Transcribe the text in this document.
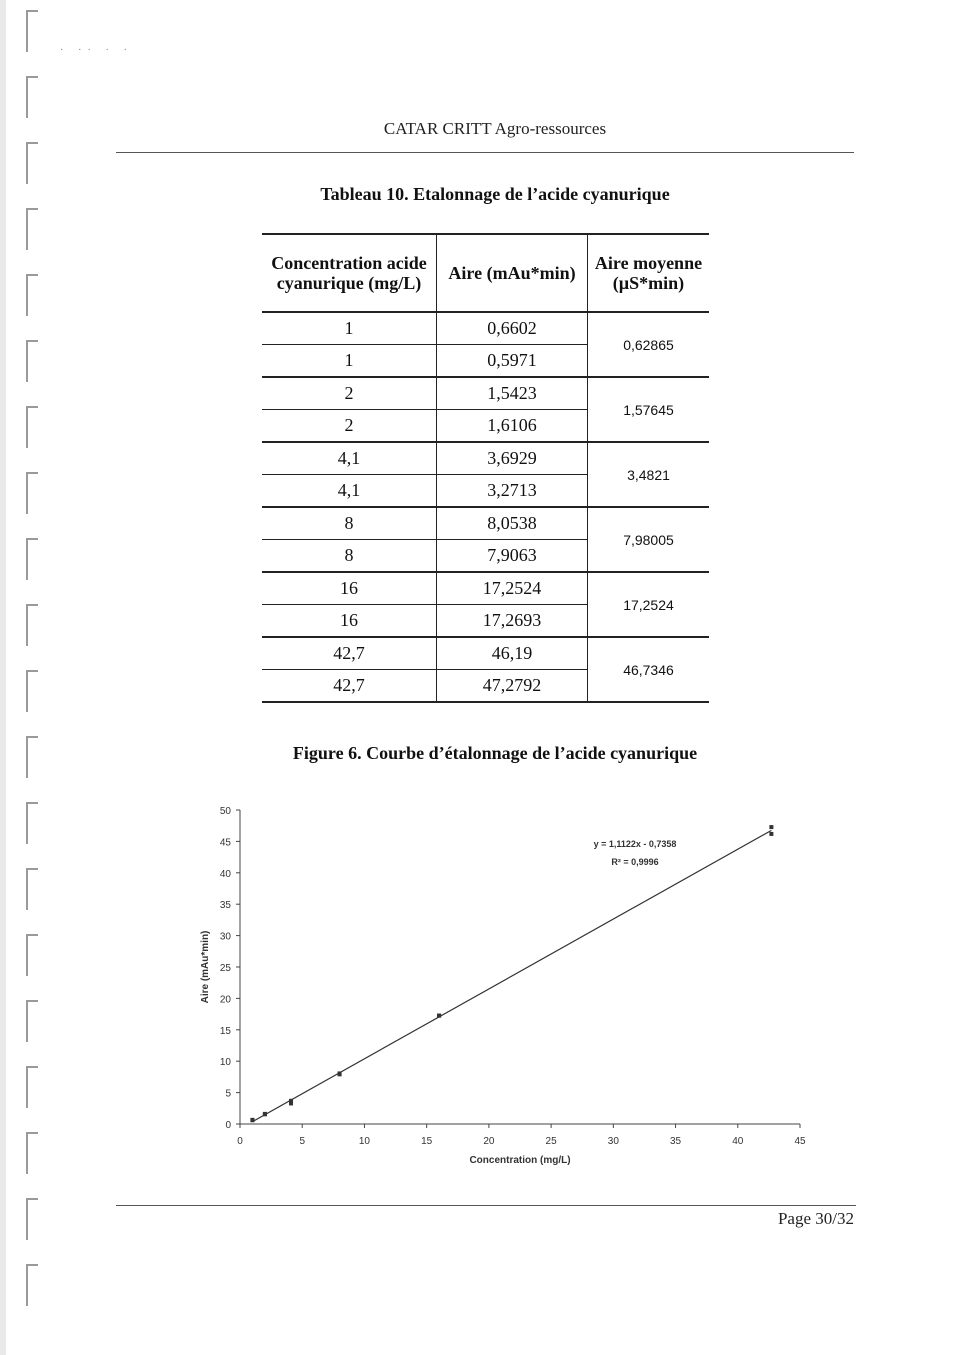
· ·· · ·
CATAR CRITT Agro-ressources
Tableau 10. Etalonnage de l’acide cyanurique
Concentration acide cyanurique (mg/L)	Aire (mAu*min)	Aire moyenne (µS*min)
1	0,6602	0,62865
1	0,5971	
2	1,5423	1,57645
2	1,6106	
4,1	3,6929	3,4821
4,1	3,2713	
8	8,0538	7,98005
8	7,9063	
16	17,2524	17,2524
16	17,2693	
42,7	46,19	46,7346
42,7	47,2792	
Figure 6. Courbe d’étalonnage de l’acide cyanurique
0
5
10
15
20
25
30
35
40
45
50
0	5	10	15	20	25	30	35	40	45
Concentration (mg/L)
Aire (mAu*min)
y = 1,1122x - 0,7358
R² = 0,9996
Page 30/32
